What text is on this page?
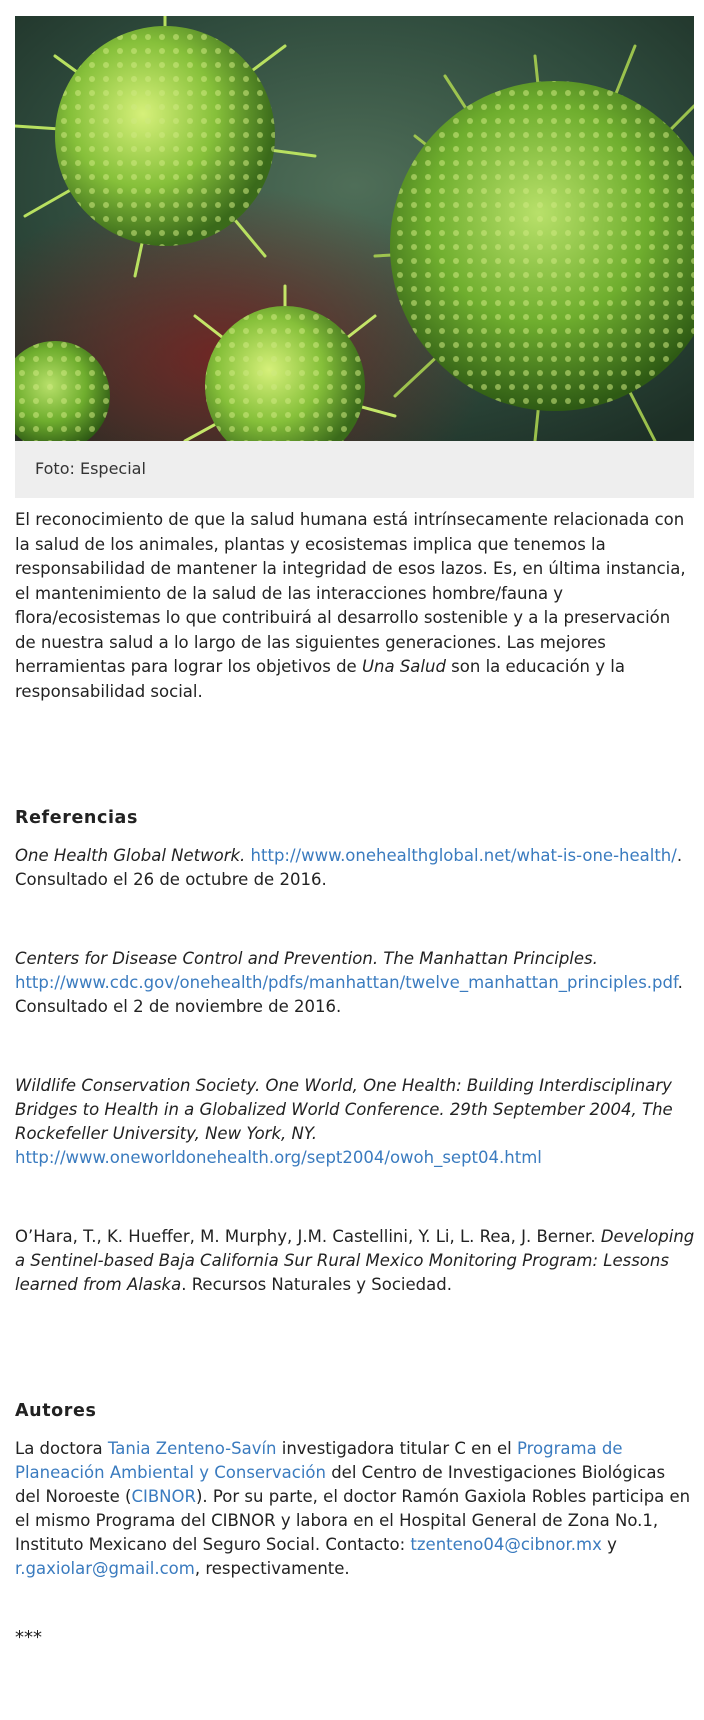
Foto: Especial

El reconocimiento de que la salud humana está intrínsecamente relacionada con la salud de los animales, plantas y ecosistemas implica que tenemos la responsabilidad de mantener la integridad de esos lazos. Es, en última instancia, el mantenimiento de la salud de las interacciones hombre/fauna y flora/ecosistemas lo que contribuirá al desarrollo sostenible y a la preservación de nuestra salud a lo largo de las siguientes generaciones. Las mejores herramientas para lograr los objetivos de Una Salud son la educación y la responsabilidad social.

Referencias

One Health Global Network. http://www.onehealthglobal.net/what-is-one-health/. Consultado el 26 de octubre de 2016.

Centers for Disease Control and Prevention. The Manhattan Principles. http://www.cdc.gov/onehealth/pdfs/manhattan/twelve_manhattan_principles.pdf. Consultado el 2 de noviembre de 2016.

Wildlife Conservation Society. One World, One Health: Building Interdisciplinary Bridges to Health in a Globalized World Conference. 29th September 2004, The Rockefeller University, New York, NY. http://www.oneworldonehealth.org/sept2004/owoh_sept04.html

O’Hara, T., K. Hueffer, M. Murphy, J.M. Castellini, Y. Li, L. Rea, J. Berner. Developing a Sentinel-based Baja California Sur Rural Mexico Monitoring Program: Lessons learned from Alaska. Recursos Naturales y Sociedad.

Autores

La doctora Tania Zenteno-Savín investigadora titular C en el Programa de Planeación Ambiental y Conservación del Centro de Investigaciones Biológicas del Noroeste (CIBNOR). Por su parte, el doctor Ramón Gaxiola Robles participa en el mismo Programa del CIBNOR y labora en el Hospital General de Zona No.1, Instituto Mexicano del Seguro Social. Contacto: tzenteno04@cibnor.mx y r.gaxiolar@gmail.com, respectivamente.

***
